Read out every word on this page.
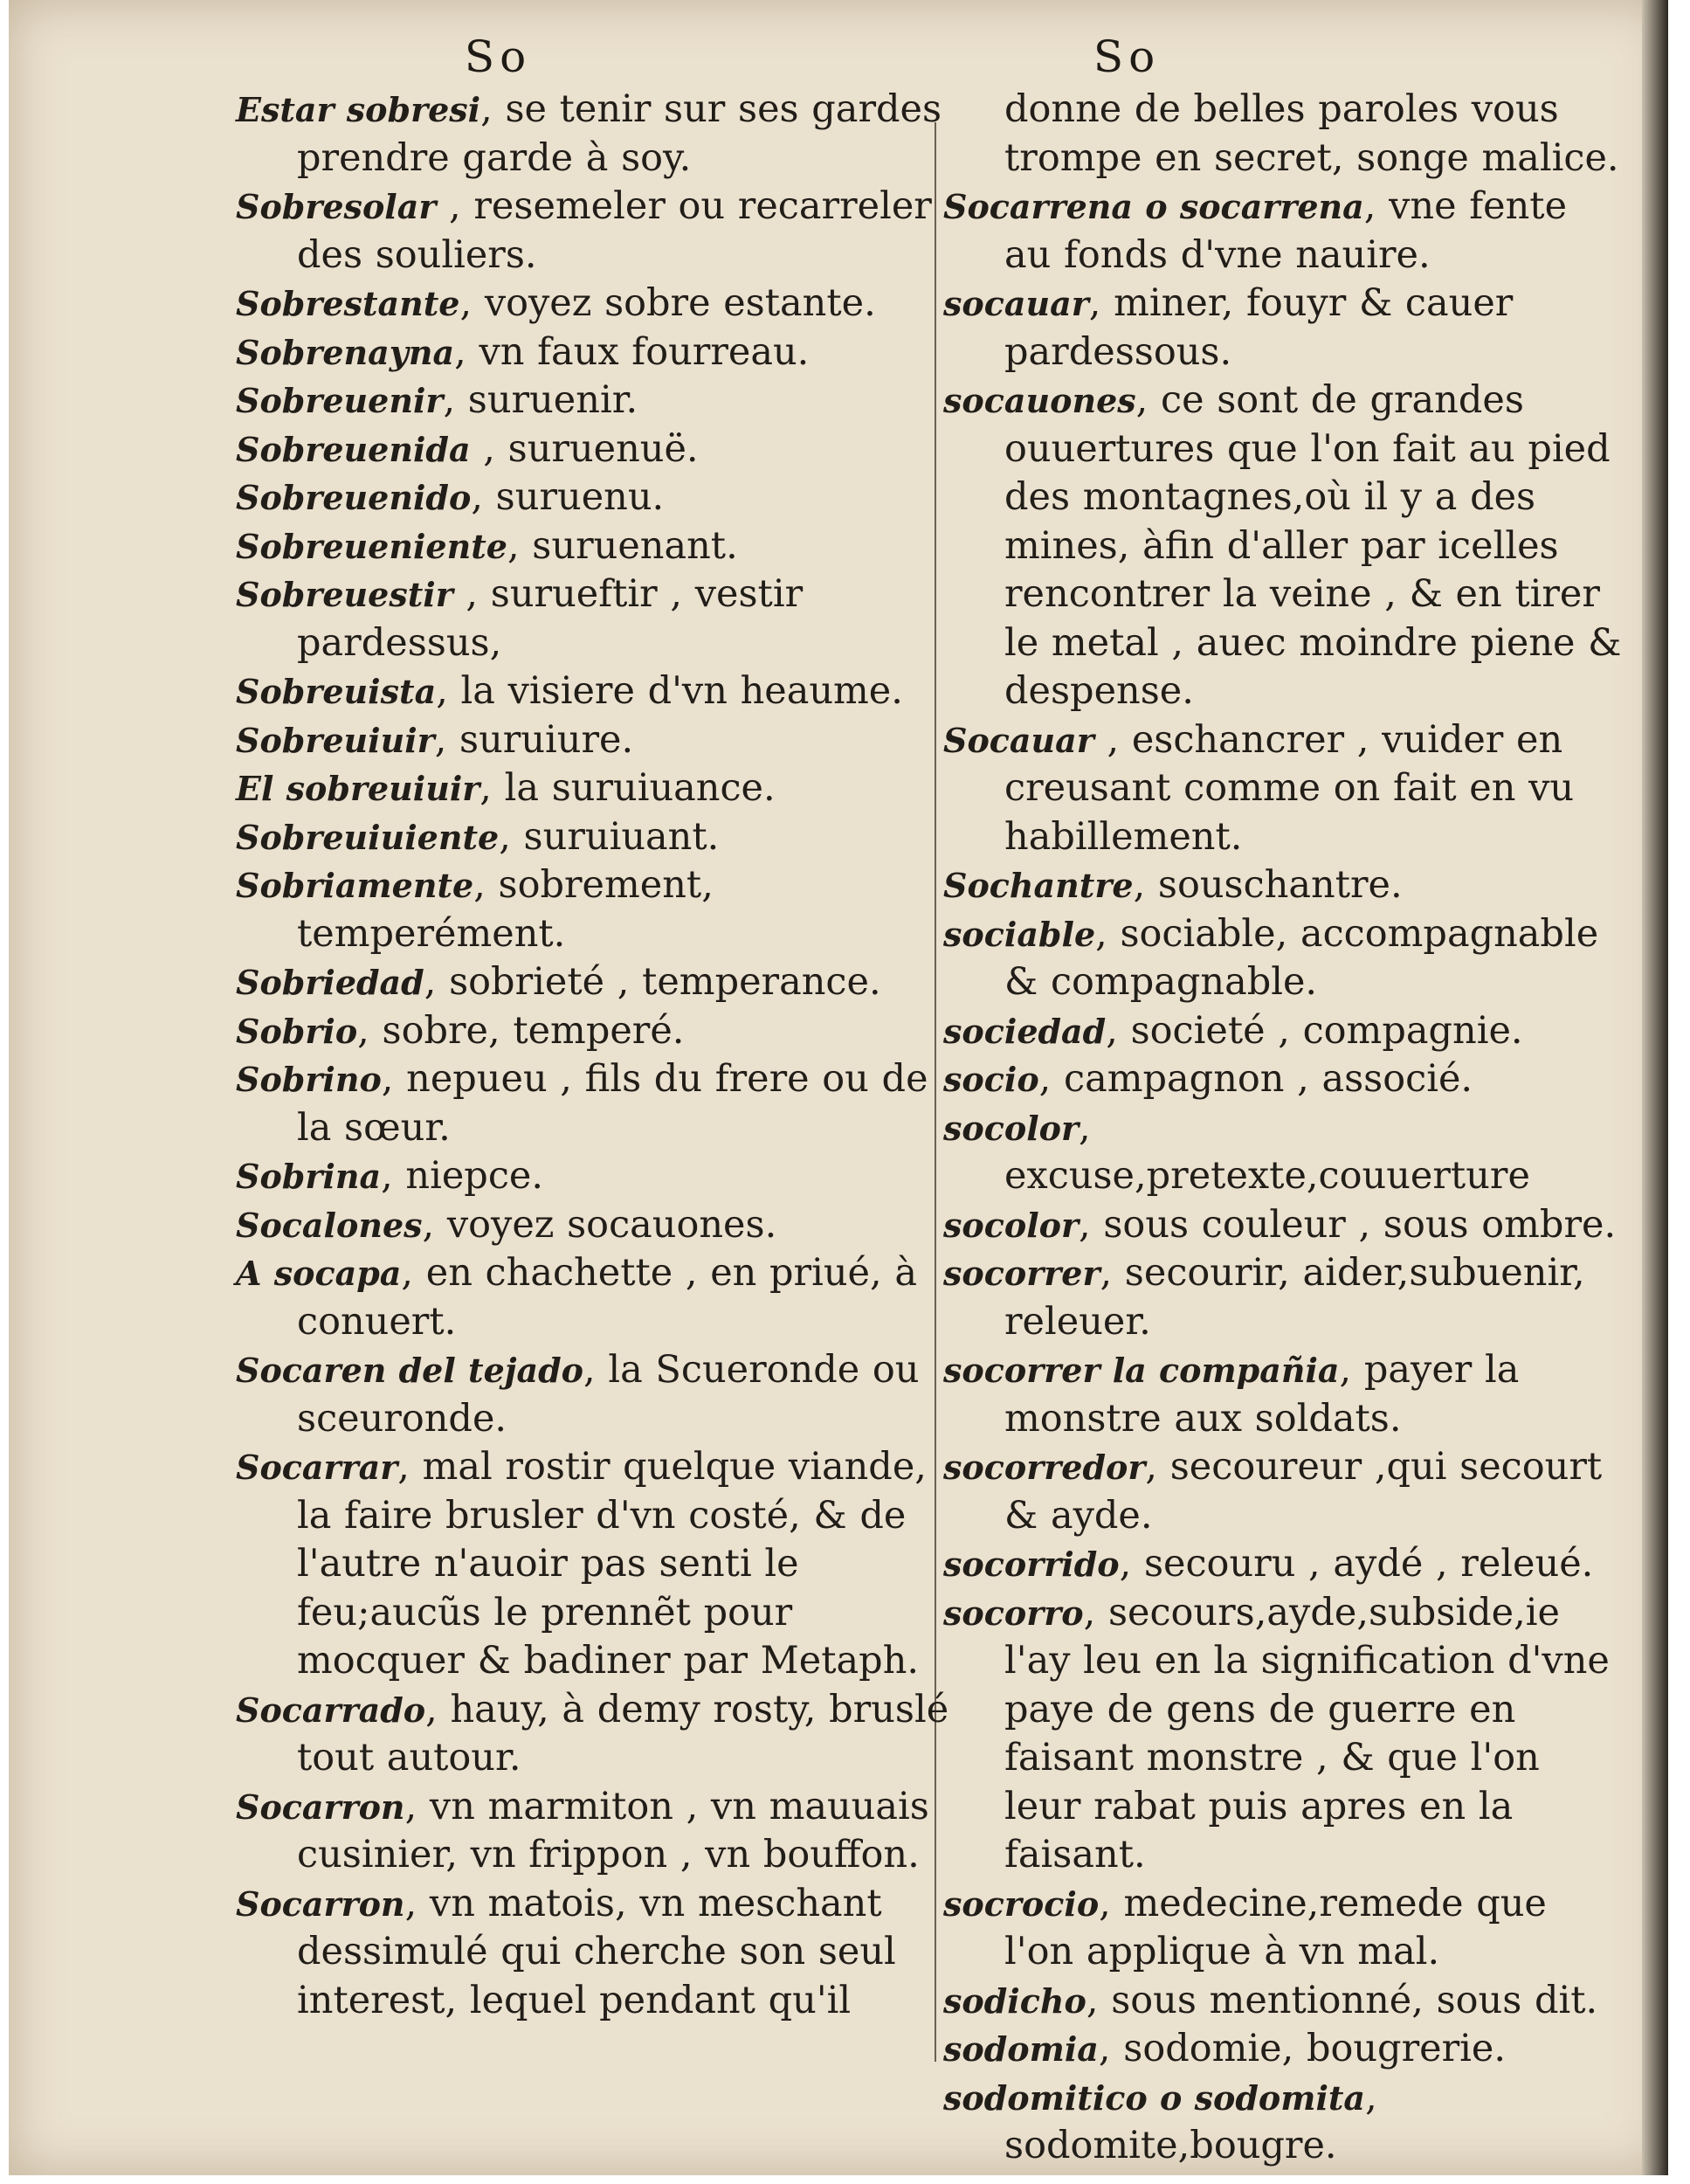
So
Estar sobresi, se tenir sur ses gardes prendre garde à soy.
Sobresolar , resemeler ou recarreler des souliers.
Sobrestante, voyez sobre estante.
Sobrenayna, vn faux fourreau.
Sobreuenir, suruenir.
Sobreuenida , suruenuë.
Sobreuenido, suruenu.
Sobreueniente, suruenant.
Sobreuestir , surueftir , vestir pardessus,
Sobreuista, la visiere d'vn heaume.
Sobreuiuir, suruiure.
El sobreuiuir, la suruiuance.
Sobreuiuiente, suruiuant.
Sobriamente, sobrement, temperément.
Sobriedad, sobrieté , temperance.
Sobrio, sobre, temperé.
Sobrino, nepueu , fils du frere ou de la sœur.
Sobrina, niepce.
Socalones, voyez socauones.
A socapa, en chachette , en priué, à conuert.
Socaren del tejado, la Scueronde ou sceuronde.
Socarrar, mal rostir quelque viande, la faire brusler d'vn costé, & de l'autre n'auoir pas senti le feu;aucũs le prennẽt pour mocquer & badiner par Metaph.
Socarrado, hauy, à demy rosty, bruslé tout autour.
Socarron, vn marmiton , vn mauuais cusinier, vn frippon , vn bouffon.
Socarron, vn matois, vn meschant dessimulé qui cherche son seul interest, lequel pendant qu'il
So
donne de belles paroles vous trompe en secret, songe malice.
Socarrena o socarrena, vne fente au fonds d'vne nauire.
socauar, miner, fouyr & cauer pardessous.
socauones, ce sont de grandes ouuertures que l'on fait au pied des montagnes,où il y a des mines, àfin d'aller par icelles rencontrer la veine , & en tirer le metal , auec moindre piene & despense.
Socauar , eschancrer , vuider en creusant comme on fait en vu habillement.
Sochantre, souschantre.
sociable, sociable, accompagnable & compagnable.
sociedad, societé , compagnie.
socio, campagnon , associé.
socolor, excuse,pretexte,couuerture
socolor, sous couleur , sous ombre.
socorrer, secourir, aider,subuenir, releuer.
socorrer la compañia, payer la monstre aux soldats.
socorredor, secoureur ,qui secourt & ayde.
socorrido, secouru , aydé , releué.
socorro, secours,ayde,subside,ie l'ay leu en la signification d'vne paye de gens de guerre en faisant monstre , & que l'on leur rabat puis apres en la faisant.
socrocio, medecine,remede que l'on applique à vn mal.
sodicho, sous mentionné, sous dit.
sodomia, sodomie, bougrerie.
sodomitico o sodomita, sodomite,bougre.
